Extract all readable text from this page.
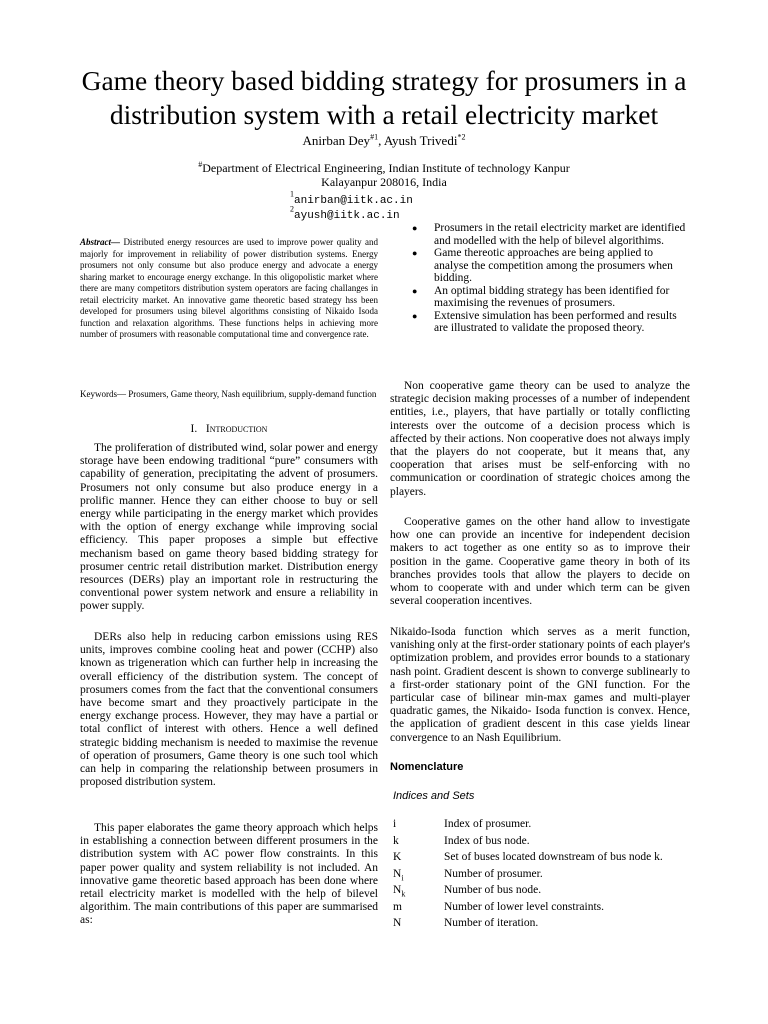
Game theory based bidding strategy for prosumers in a distribution system with a retail electricity market
Anirban Dey$^{\#1}$, Ayush Trivedi$^{*2}$
#Department of Electrical Engineering, Indian Institute of technology Kanpur
Kalayanpur 208016, India
$^1$anirban@iitk.ac.in
$^2$ayush@iitk.ac.in
Abstract— Distributed energy resources are used to improve power quality and majorly for improvement in reliability of power distribution systems. Energy prosumers not only consume but also produce energy and advocate a energy sharing market to encourage energy exchange. In this oligopolistic market where there are many competitors distribution system operators are facing challanges in retail electricity market. An innovative game theoretic based strategy hss been developed for prosumers using bilevel algorithms consisting of Nikaido Isoda function and relaxation algorithms. These functions helps in achieving more number of prosumers with reasonable computational time and convergence rate.
Keywords— Prosumers, Game theory, Nash equilibrium, supply-demand function
● Prosumers in the retail electricity market are identified and modelled with the help of bilevel algorithims.
● Game thereotic approaches are being applied to analyse the competition among the prosumers when bidding.
● An optimal bidding strategy has been identified for maximising the revenues of prosumers.
● Extensive simulation has been performed and results are illustrated to validate the proposed theory.
I. Introduction
The proliferation of distributed wind, solar power and energy storage have been endowing traditional “pure” consumers with capability of generation, precipitating the advent of prosumers. Prosumers not only consume but also produce energy in a prolific manner. Hence they can either choose to buy or sell energy while participating in the energy market which provides with the option of energy exchange while improving social efficiency. This paper proposes a simple but effective mechanism based on game theory based bidding strategy for prosumer centric retail distribution market. Distribution energy resources (DERs) play an important role in restructuring the conventional power system network and ensure a reliability in power supply.
DERs also help in reducing carbon emissions using RES units, improves combine cooling heat and power (CCHP) also known as trigeneration which can further help in increasing the overall efficiency of the distribution system. The concept of prosumers comes from the fact that the conventional consumers have become smart and they proactively participate in the energy exchange process. However, they may have a partial or total conflict of interest with others. Hence a well defined strategic bidding mechanism is needed to maximise the revenue of operation of prosumers, Game theory is one such tool which can help in comparing the relationship between prosumers in proposed distribution system.
This paper elaborates the game theory approach which helps in establishing a connection between different prosumers in the distribution system with AC power flow constraints. In this paper power quality and system reliability is not included. An innovative game theoretic based approach has been done where retail electricity market is modelled with the help of bilevel algorithim. The main contributions of this paper are summarised as:
Non cooperative game theory can be used to analyze the strategic decision making processes of a number of independent entities, i.e., players, that have partially or totally conflicting interests over the outcome of a decision process which is affected by their actions. Non cooperative does not always imply that the players do not cooperate, but it means that, any cooperation that arises must be self-enforcing with no communication or coordination of strategic choices among the players.
Cooperative games on the other hand allow to investigate how one can provide an incentive for independent decision makers to act together as one entity so as to improve their position in the game. Cooperative game theory in both of its branches provides tools that allow the players to decide on whom to cooperate with and under which term can be given several cooperation incentives.
Nikaido-Isoda function which serves as a merit function, vanishing only at the first-order stationary points of each player's optimization problem, and provides error bounds to a stationary nash point. Gradient descent is shown to converge sublinearly to a first-order stationary point of the GNI function. For the particular case of bilinear min-max games and multi-player quadratic games, the Nikaido- Isoda function is convex. Hence, the application of gradient descent in this case yields linear convergence to an Nash Equilibrium.
Nomenclature
Indices and Sets
i	Index of prosumer.
k	Index of bus node.
K	Set of buses located downstream of bus node k.
$N_i$	Number of prosumer.
$N_k$	Number of bus node.
m	Number of lower level constraints.
N	Number of iteration.
